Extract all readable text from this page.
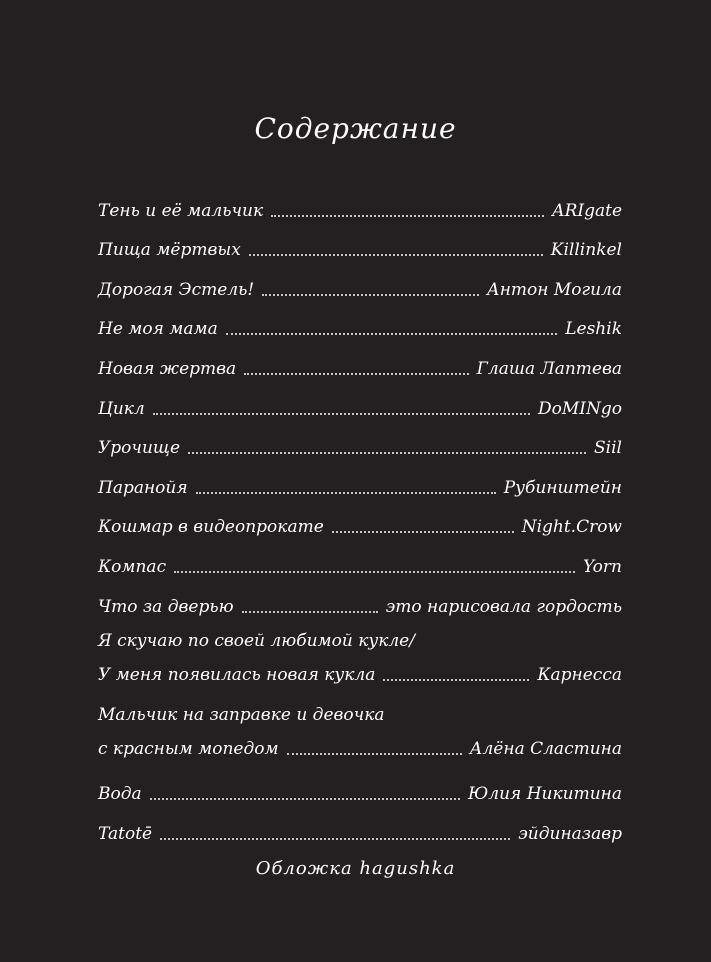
Содержание
Тень и её мальчик	ARIgate
Пища мёртвых	Killinkel
Дорогая Эстель!	Антон Могила
Не моя мама	Leshik
Новая жертва	Глаша Лаптева
Цикл	DoMINgo
Урочище	Siil
Паранойя	Рубинштейн
Кошмар в видеопрокате	Night.Crow
Компас	Yorn
Что за дверью	это нарисовала гордость
Я скучаю по своей любимой кукле/
У меня появилась новая кукла	Карнесса
Мальчик на заправке и девочка
с красным мопедом	Алёна Сластина
Вода	Юлия Никитина
Tatotē	эйдиназавр
Обложка hagushka
